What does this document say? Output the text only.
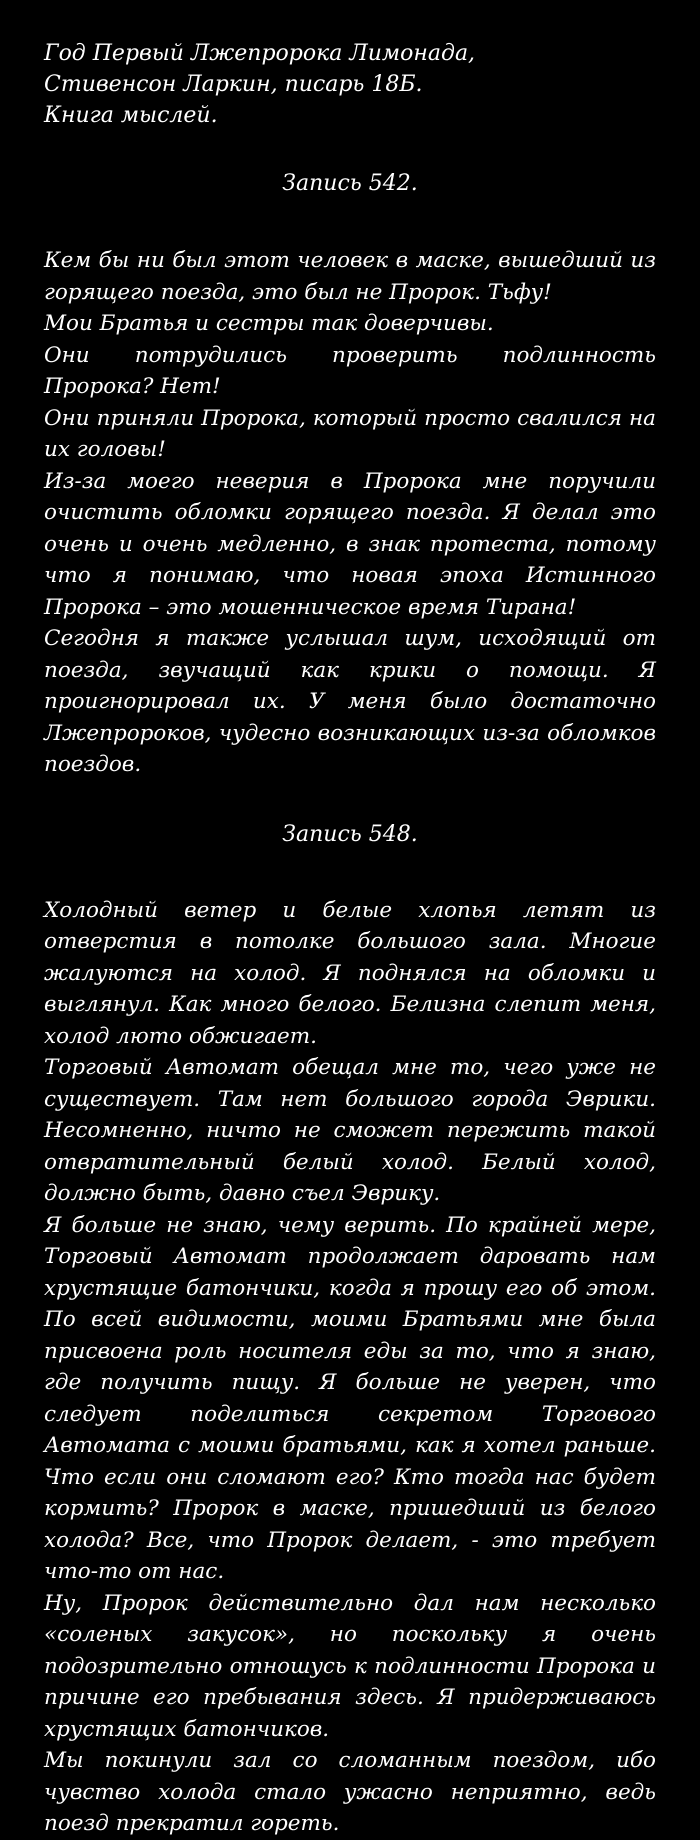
Год Первый Лжепророка Лимонада,
Стивенсон Ларкин, писарь 18Б.
Книга мыслей.
Запись 542.

Кем бы ни был этот человек в маске, вышедший из горящего поезда, это был не Пророк. Тьфу!

Мои Братья и сестры так доверчивы.

Они потрудились проверить подлинность Пророка? Нет!

Они приняли Пророка, который просто свалился на их головы!

Из-за моего неверия в Пророка мне поручили очистить обломки горящего поезда. Я делал это очень и очень медленно, в знак протеста, потому что я понимаю, что новая эпоха Истинного Пророка – это мошенническое время Тирана!

Сегодня я также услышал шум, исходящий от поезда, звучащий как крики о помощи. Я проигнорировал их. У меня было достаточно Лжепророков, чудесно возникающих из-за обломков поездов.

Запись 548.

Холодный ветер и белые хлопья летят из отверстия в потолке большого зала. Многие жалуются на холод. Я поднялся на обломки и выглянул. Как много белого. Белизна слепит меня, холод люто обжигает.

Торговый Автомат обещал мне то, чего уже не существует. Там нет большого города Эврики. Несомненно, ничто не сможет пережить такой отвратительный белый холод. Белый холод, должно быть, давно съел Эврику.

Я больше не знаю, чему верить. По крайней мере, Торговый Автомат продолжает даровать нам хрустящие батончики, когда я прошу его об этом. По всей видимости, моими Братьями мне была присвоена роль носителя еды за то, что я знаю, где получить пищу. Я больше не уверен, что следует поделиться секретом Торгового Автомата с моими братьями, как я хотел раньше. Что если они сломают его? Кто тогда нас будет кормить? Пророк в маске, пришедший из белого холода? Все, что Пророк делает, - это требует что-то от нас.

Ну, Пророк действительно дал нам несколько «соленых закусок», но поскольку я очень подозрительно отношусь к подлинности Пророка и причине его пребывания здесь. Я придерживаюсь хрустящих батончиков.

Мы покинули зал со сломанным поездом, ибо чувство холода стало ужасно неприятно, ведь поезд прекратил гореть.
